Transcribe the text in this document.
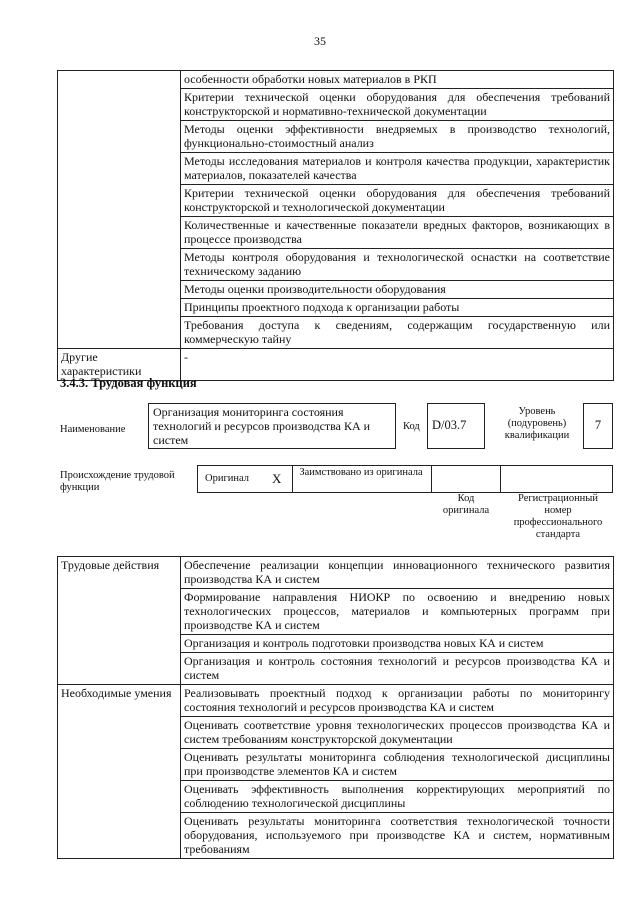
35
	особенности обработки новых материалов в РКП
	Критерии технической оценки оборудования для обеспечения требований конструкторской и нормативно-технической документации
	Методы оценки эффективности внедряемых в производство технологий, функционально-стоимостный анализ
	Методы исследования материалов и контроля качества продукции, характеристик материалов, показателей качества
	Критерии технической оценки оборудования для обеспечения требований конструкторской и технологической документации
	Количественные и качественные показатели вредных факторов, возникающих в процессе производства
	Методы контроля оборудования и технологической оснастки на соответствие техническому заданию
	Методы оценки производительности оборудования
	Принципы проектного подхода к организации работы
	Требования доступа к сведениям, содержащим государственную или коммерческую тайну
Другие характеристики	-
3.4.3. Трудовая функция
Наименование
Организация мониторинга состояния технологий и ресурсов производства КА и систем
Код D/03.7
Уровень (подуровень) квалификации
7
Происхождение трудовой функции
Оригинал X	Заимствовано из оригинала
Код оригинала
Регистрационный номер профессионального стандарта
Трудовые действия	Обеспечение реализации концепции инновационного технического развития производства КА и систем
	Формирование направления НИОКР по освоению и внедрению новых технологических процессов, материалов и компьютерных программ при производстве КА и систем
	Организация и контроль подготовки производства новых КА и систем
	Организация и контроль состояния технологий и ресурсов производства КА и систем
Необходимые умения	Реализовывать проектный подход к организации работы по мониторингу состояния технологий и ресурсов производства КА и систем
	Оценивать соответствие уровня технологических процессов производства КА и систем требованиям конструкторской документации
	Оценивать результаты мониторинга соблюдения технологической дисциплины при производстве элементов КА и систем
	Оценивать эффективность выполнения корректирующих мероприятий по соблюдению технологической дисциплины
	Оценивать результаты мониторинга соответствия технологической точности оборудования, используемого при производстве КА и систем, нормативным требованиям
